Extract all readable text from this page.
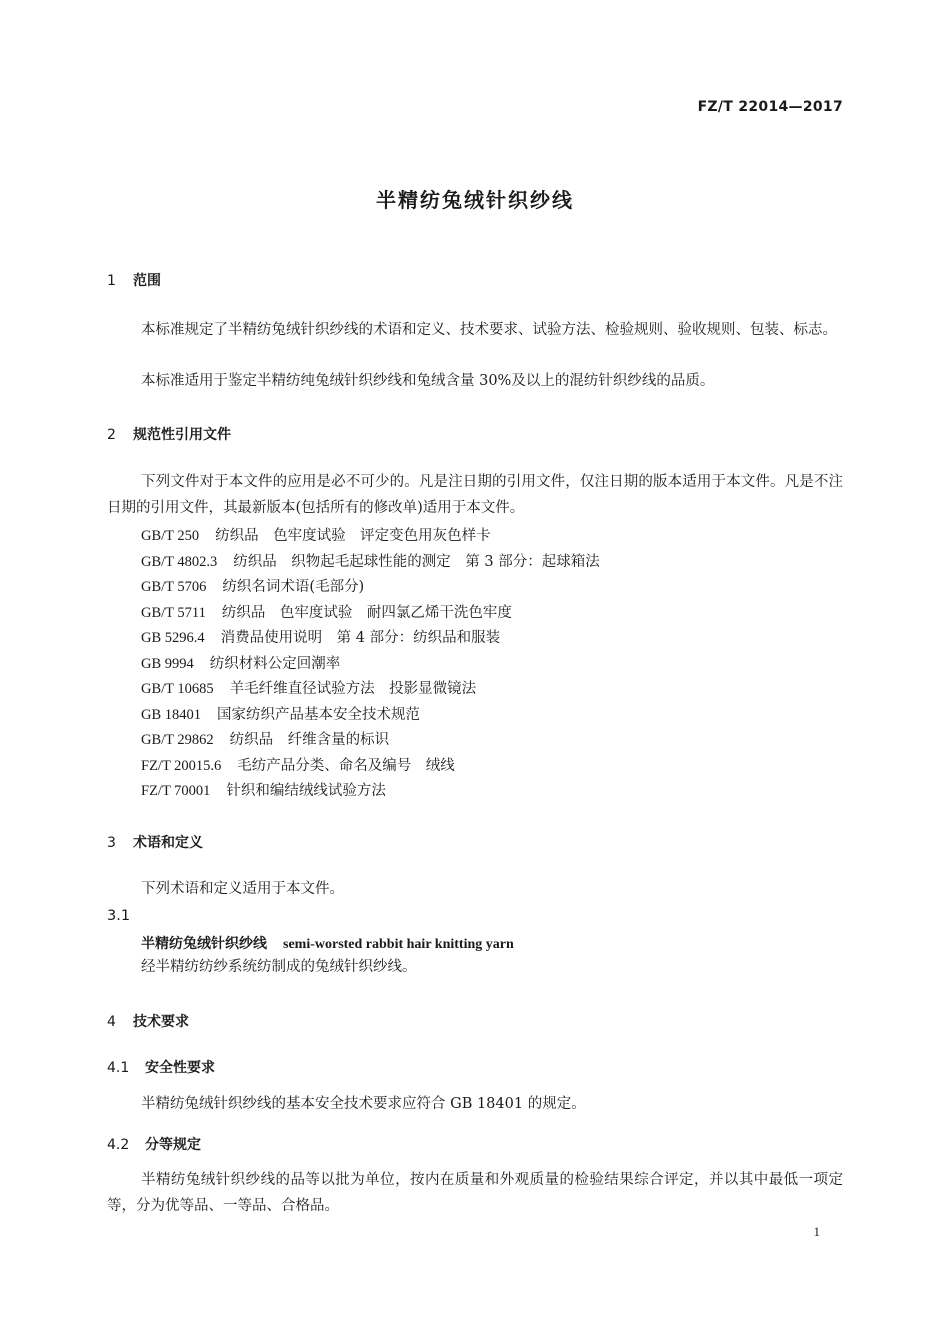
FZ/T 22014—2017
半精纺兔绒针织纱线
1 范围
本标准规定了半精纺兔绒针织纱线的术语和定义、技术要求、试验方法、检验规则、验收规则、包装、标志。
本标准适用于鉴定半精纺纯兔绒针织纱线和兔绒含量 30%及以上的混纺针织纱线的品质。
2 规范性引用文件
下列文件对于本文件的应用是必不可少的。凡是注日期的引用文件，仅注日期的版本适用于本文件。凡是不注日期的引用文件，其最新版本(包括所有的修改单)适用于本文件。
GB/T 250 纺织品　色牢度试验　评定变色用灰色样卡
GB/T 4802.3 纺织品　织物起毛起球性能的测定　第 3 部分：起球箱法
GB/T 5706 纺织名词术语(毛部分)
GB/T 5711 纺织品　色牢度试验　耐四氯乙烯干洗色牢度
GB 5296.4 消费品使用说明　第 4 部分：纺织品和服装
GB 9994 纺织材料公定回潮率
GB/T 10685 羊毛纤维直径试验方法　投影显微镜法
GB 18401 国家纺织产品基本安全技术规范
GB/T 29862 纺织品　纤维含量的标识
FZ/T 20015.6 毛纺产品分类、命名及编号　绒线
FZ/T 70001 针织和编结绒线试验方法
3 术语和定义
下列术语和定义适用于本文件。
3.1
半精纺兔绒针织纱线 semi-worsted rabbit hair knitting yarn
经半精纺纺纱系统纺制成的兔绒针织纱线。
4 技术要求
4.1 安全性要求
半精纺兔绒针织纱线的基本安全技术要求应符合 GB 18401 的规定。
4.2 分等规定
半精纺兔绒针织纱线的品等以批为单位，按内在质量和外观质量的检验结果综合评定，并以其中最低一项定等，分为优等品、一等品、合格品。
1
